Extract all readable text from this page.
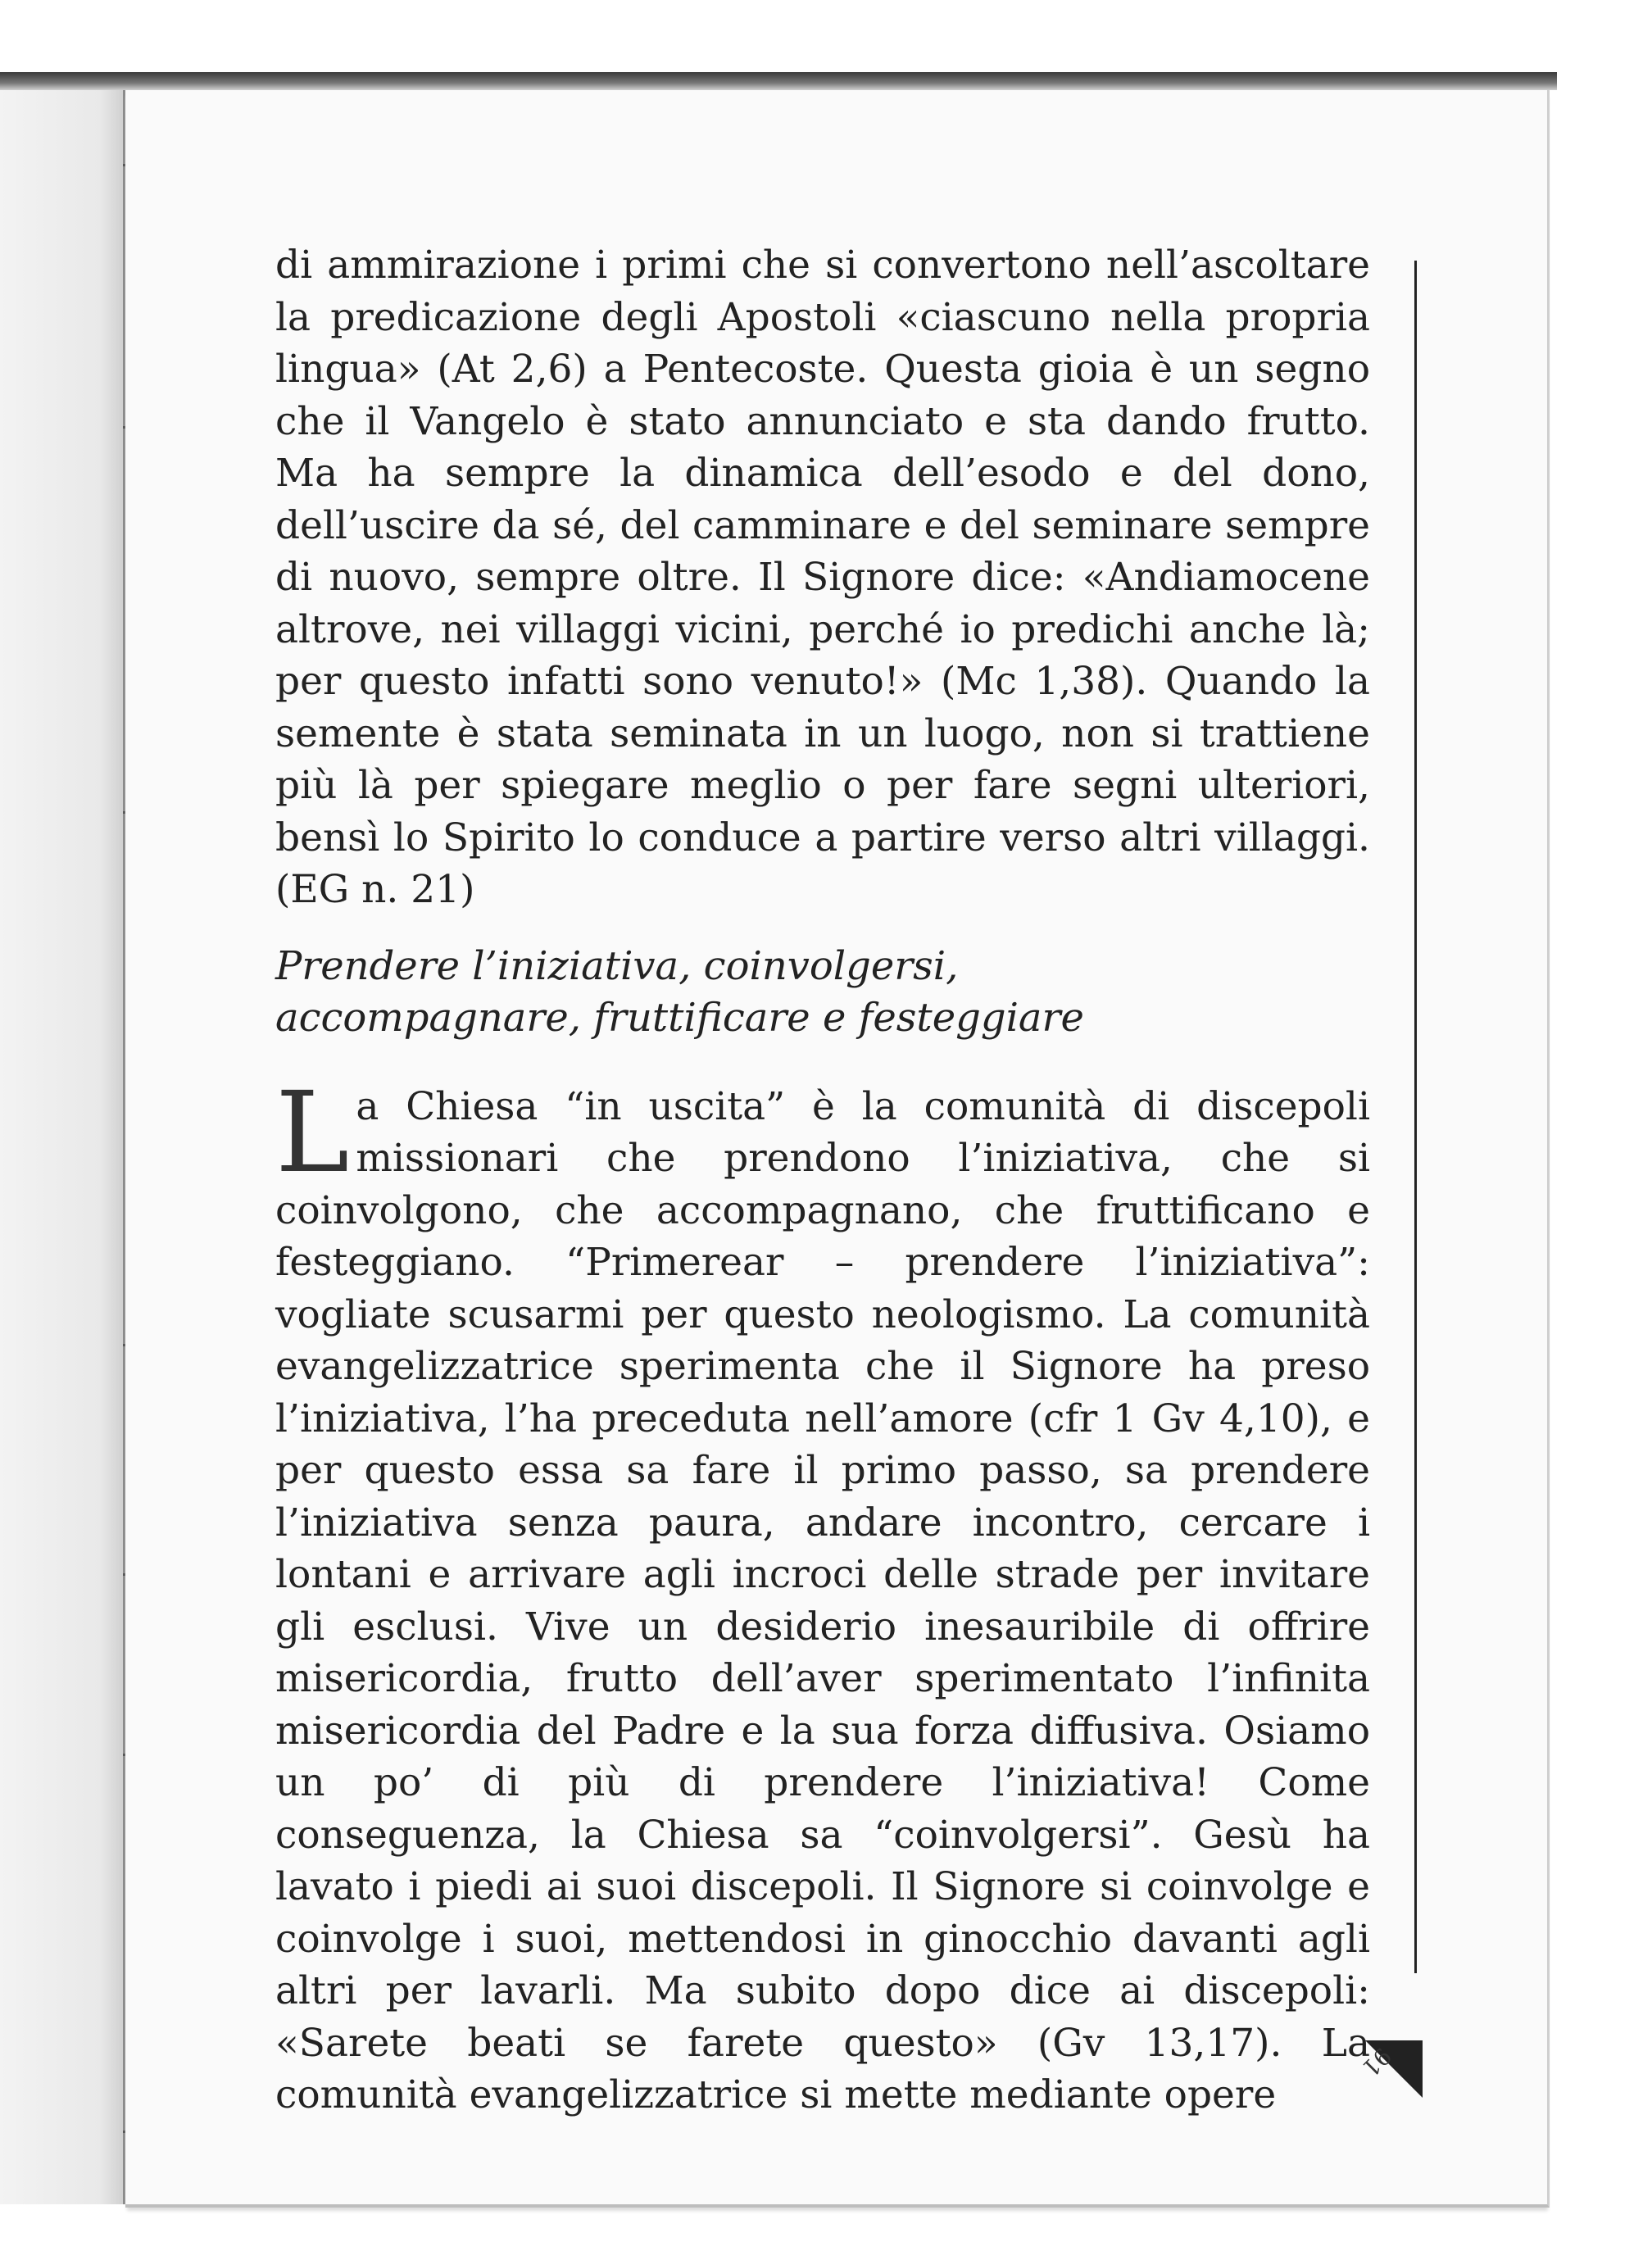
di ammirazione i primi che si convertono nell’ascoltare la predicazione degli Apostoli «ciascuno nella propria lingua» (At 2,6) a Pentecoste. Questa gioia è un segno che il Vangelo è stato annunciato e sta dando frutto. Ma ha sempre la dinamica dell’esodo e del dono, dell’uscire da sé, del camminare e del seminare sempre di nuovo, sempre oltre. Il Signore dice: «Andiamocene altrove, nei villaggi vicini, perché io predichi anche là; per questo infatti sono venuto!» (Mc 1,38). Quando la semente è stata seminata in un luogo, non si trattiene più là per spiegare meglio o per fare segni ulteriori, bensì lo Spirito lo conduce a partire verso altri villaggi. (EG n. 21)

Prendere l’iniziativa, coinvolgersi,
accompagnare, fruttificare e festeggiare

La Chiesa “in uscita” è la comunità di discepoli missionari che prendono l’iniziativa, che si coinvolgono, che accompagnano, che fruttificano e festeggiano. “Primerear – prendere l’iniziativa”: vogliate scusarmi per questo neologismo. La comunità evangelizzatrice sperimenta che il Signore ha preso l’iniziativa, l’ha preceduta nell’amore (cfr 1 Gv 4,10), e per questo essa sa fare il primo passo, sa prendere l’iniziativa senza paura, andare incontro, cercare i lontani e arrivare agli incroci delle strade per invitare gli esclusi. Vive un desiderio inesauribile di offrire misericordia, frutto dell’aver sperimentato l’infinita misericordia del Padre e la sua forza diffusiva. Osiamo un po’ di più di prendere l’iniziativa! Come conseguenza, la Chiesa sa “coinvolgersi”. Gesù ha lavato i piedi ai suoi discepoli. Il Signore si coinvolge e coinvolge i suoi, mettendosi in ginocchio davanti agli altri per lavarli. Ma subito dopo dice ai discepoli: «Sarete beati se farete questo» (Gv 13,17). La comunità evangelizzatrice si mette mediante opere

91
